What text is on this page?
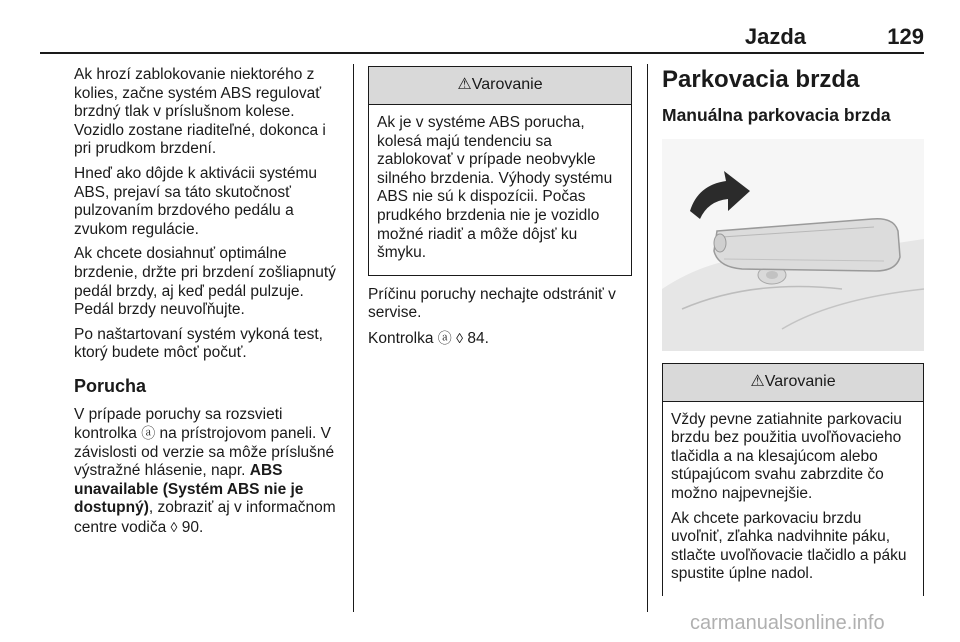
Jazda	129

Ak hrozí zablokovanie niektorého z kolies, začne systém ABS regulovať brzdný tlak v príslušnom kolese. Vozidlo zostane riaditeľné, dokonca i pri prudkom brzdení.

Hneď ako dôjde k aktivácii systému ABS, prejaví sa táto skutočnosť pulzovaním brzdového pedálu a zvukom regulácie.

Ak chcete dosiahnuť optimálne brzdenie, držte pri brzdení zošliapnutý pedál brzdy, aj keď pedál pulzuje. Pedál brzdy neuvoľňujte.

Po naštartovaní systém vykoná test, ktorý budete môcť počuť.

Porucha

V prípade poruchy sa rozsvieti kontrolka ⓐ na prístrojovom paneli. V závislosti od verzie sa môže príslušné výstražné hlásenie, napr. ABS unavailable (Systém ABS nie je dostupný), zobraziť aj v informačnom centre vodiča ◊ 90.

⚠ Varovanie

Ak je v systéme ABS porucha, kolesá majú tendenciu sa zablokovať v prípade neobvykle silného brzdenia. Výhody systému ABS nie sú k dispozícii. Počas prudkého brzdenia nie je vozidlo možné riadiť a môže dôjsť ku šmyku.

Príčinu poruchy nechajte odstrániť v servise.

Kontrolka ⓐ ◊ 84.

Parkovacia brzda
Manuálna parkovacia brzda
⚠ Varovanie

Vždy pevne zatiahnite parkovaciu brzdu bez použitia uvoľňovacieho tlačidla a na klesajúcom alebo stúpajúcom svahu zabrzdite čo možno najpevnejšie.

Ak chcete parkovaciu brzdu uvoľniť, zľahka nadvihnite páku, stlačte uvoľňovacie tlačidlo a páku spustite úplne nadol.

carmanualsonline.info
